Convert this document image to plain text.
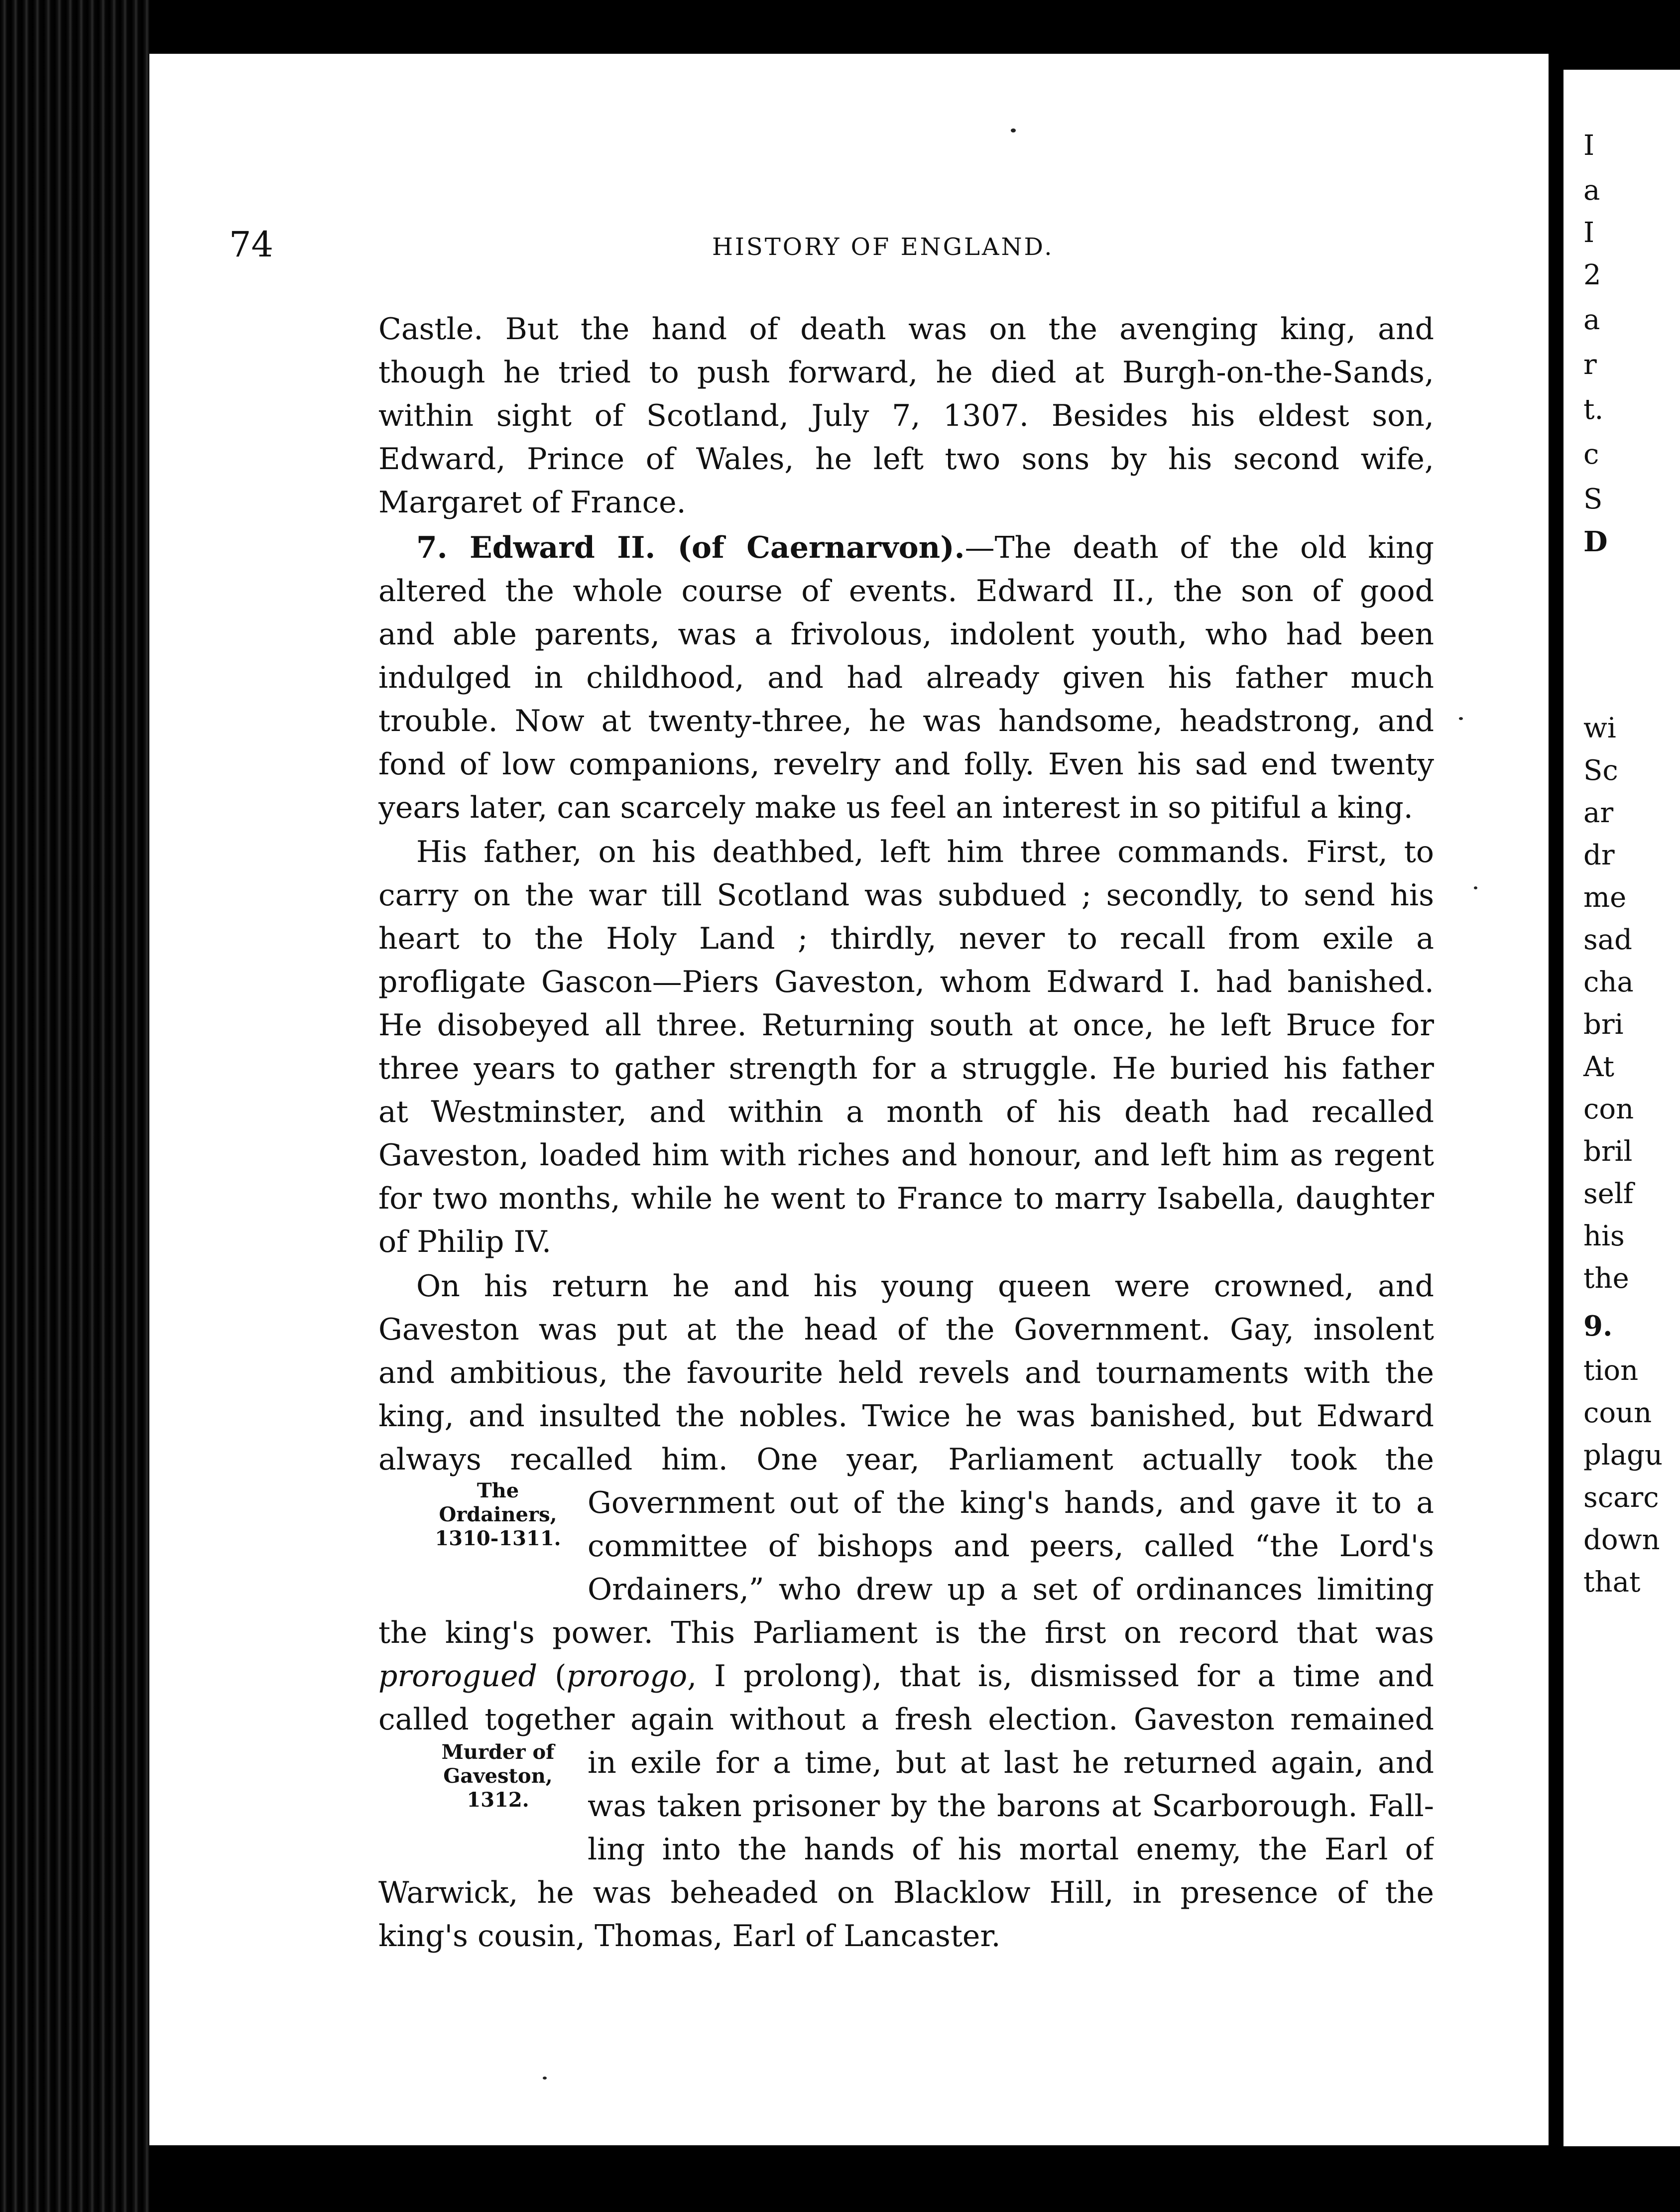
I
a
I
2
a
r
t.
c
S
D
wi
Sc
ar
dr
me
sad
cha
bri
At
con
bril
self
his
the
9.
tion
coun
plagu
scarc
down
that
74	HISTORY OF ENGLAND.
Castle. But the hand of death was on the avenging king, and
though he tried to push forward, he died at Burgh-on-the-Sands,
within sight of Scotland, July 7, 1307. Besides his eldest son,
Edward, Prince of Wales, he left two sons by his second wife,
Margaret of France.
7. Edward II. (of Caernarvon).—The death of the old king
altered the whole course of events. Edward II., the son of good
and able parents, was a frivolous, indolent youth, who had been
indulged in childhood, and had already given his father much
trouble. Now at twenty-three, he was handsome, headstrong, and
fond of low companions, revelry and folly. Even his sad end twenty
years later, can scarcely make us feel an interest in so pitiful a king.
His father, on his deathbed, left him three commands. First, to
carry on the war till Scotland was subdued ; secondly, to send his
heart to the Holy Land ; thirdly, never to recall from exile a
profligate Gascon—Piers Gaveston, whom Edward I. had banished.
He disobeyed all three. Returning south at once, he left Bruce for
three years to gather strength for a struggle. He buried his father
at Westminster, and within a month of his death had recalled
Gaveston, loaded him with riches and honour, and left him as regent
for two months, while he went to France to marry Isabella, daughter
of Philip IV.
On his return he and his young queen were crowned, and
Gaveston was put at the head of the Government. Gay, insolent
and ambitious, the favourite held revels and tournaments with the
king, and insulted the nobles. Twice he was banished, but Edward
always recalled him. One year, Parliament actually took the
Government out of the king's hands, and gave it to a
committee of bishops and peers, called “the Lord's
Ordainers,” who drew up a set of ordinances limiting
the king's power. This Parliament is the first on record that was
prorogued (prorogo, I prolong), that is, dismissed for a time and
called together again without a fresh election. Gaveston remained
in exile for a time, but at last he returned again, and
was taken prisoner by the barons at Scarborough. Fall-
ling into the hands of his mortal enemy, the Earl of
Warwick, he was beheaded on Blacklow Hill, in presence of the
king's cousin, Thomas, Earl of Lancaster.
The
Ordainers,
1310-1311.
Murder of
Gaveston,
1312.
